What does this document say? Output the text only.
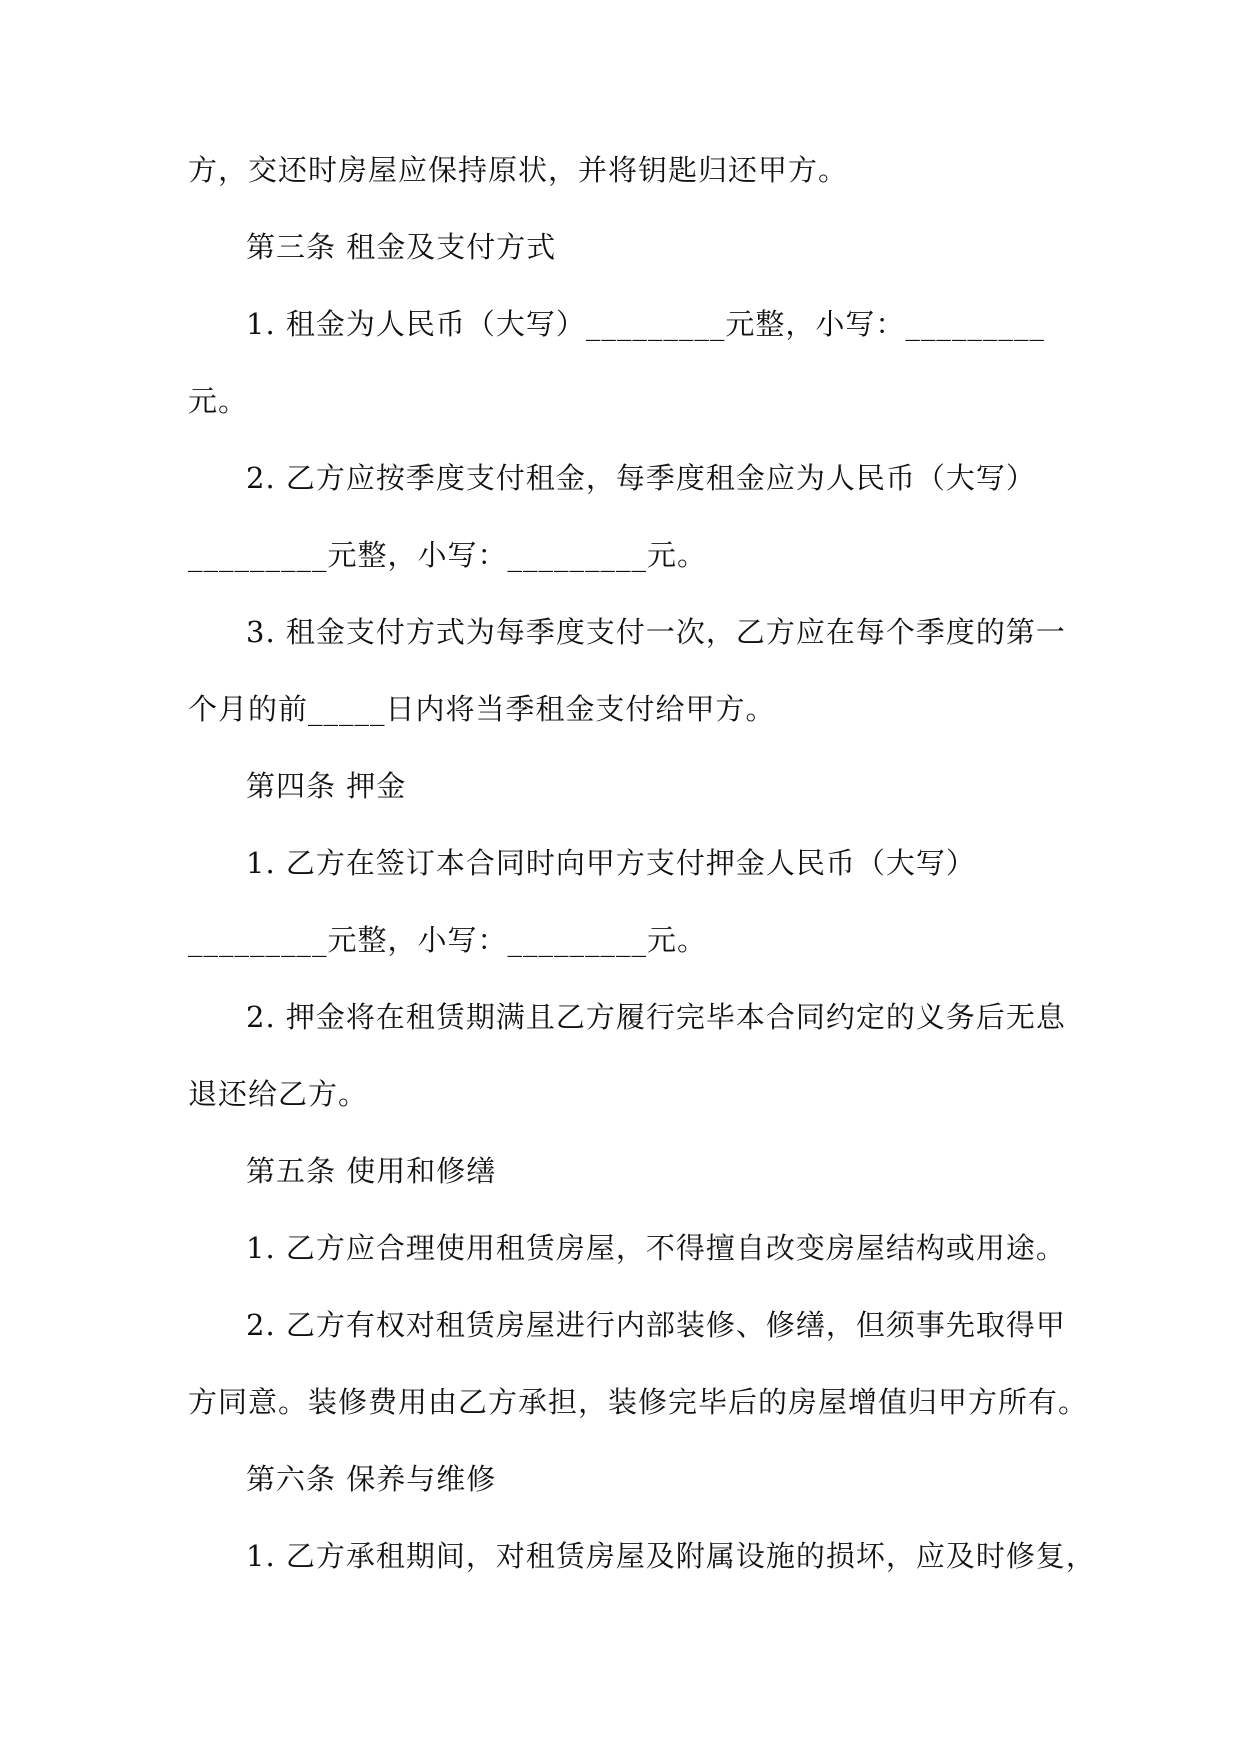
方，交还时房屋应保持原状，并将钥匙归还甲方。
第三条 租金及支付方式
1. 租金为人民币（大写）_________元整，小写：_________
元。
2. 乙方应按季度支付租金，每季度租金应为人民币（大写）
_________元整，小写：_________元。
3. 租金支付方式为每季度支付一次，乙方应在每个季度的第一
个月的前_____日内将当季租金支付给甲方。
第四条 押金
1. 乙方在签订本合同时向甲方支付押金人民币（大写）
_________元整，小写：_________元。
2. 押金将在租赁期满且乙方履行完毕本合同约定的义务后无息
退还给乙方。
第五条 使用和修缮
1. 乙方应合理使用租赁房屋，不得擅自改变房屋结构或用途。
2. 乙方有权对租赁房屋进行内部装修、修缮，但须事先取得甲
方同意。装修费用由乙方承担，装修完毕后的房屋增值归甲方所有。
第六条 保养与维修
1. 乙方承租期间，对租赁房屋及附属设施的损坏，应及时修复，
